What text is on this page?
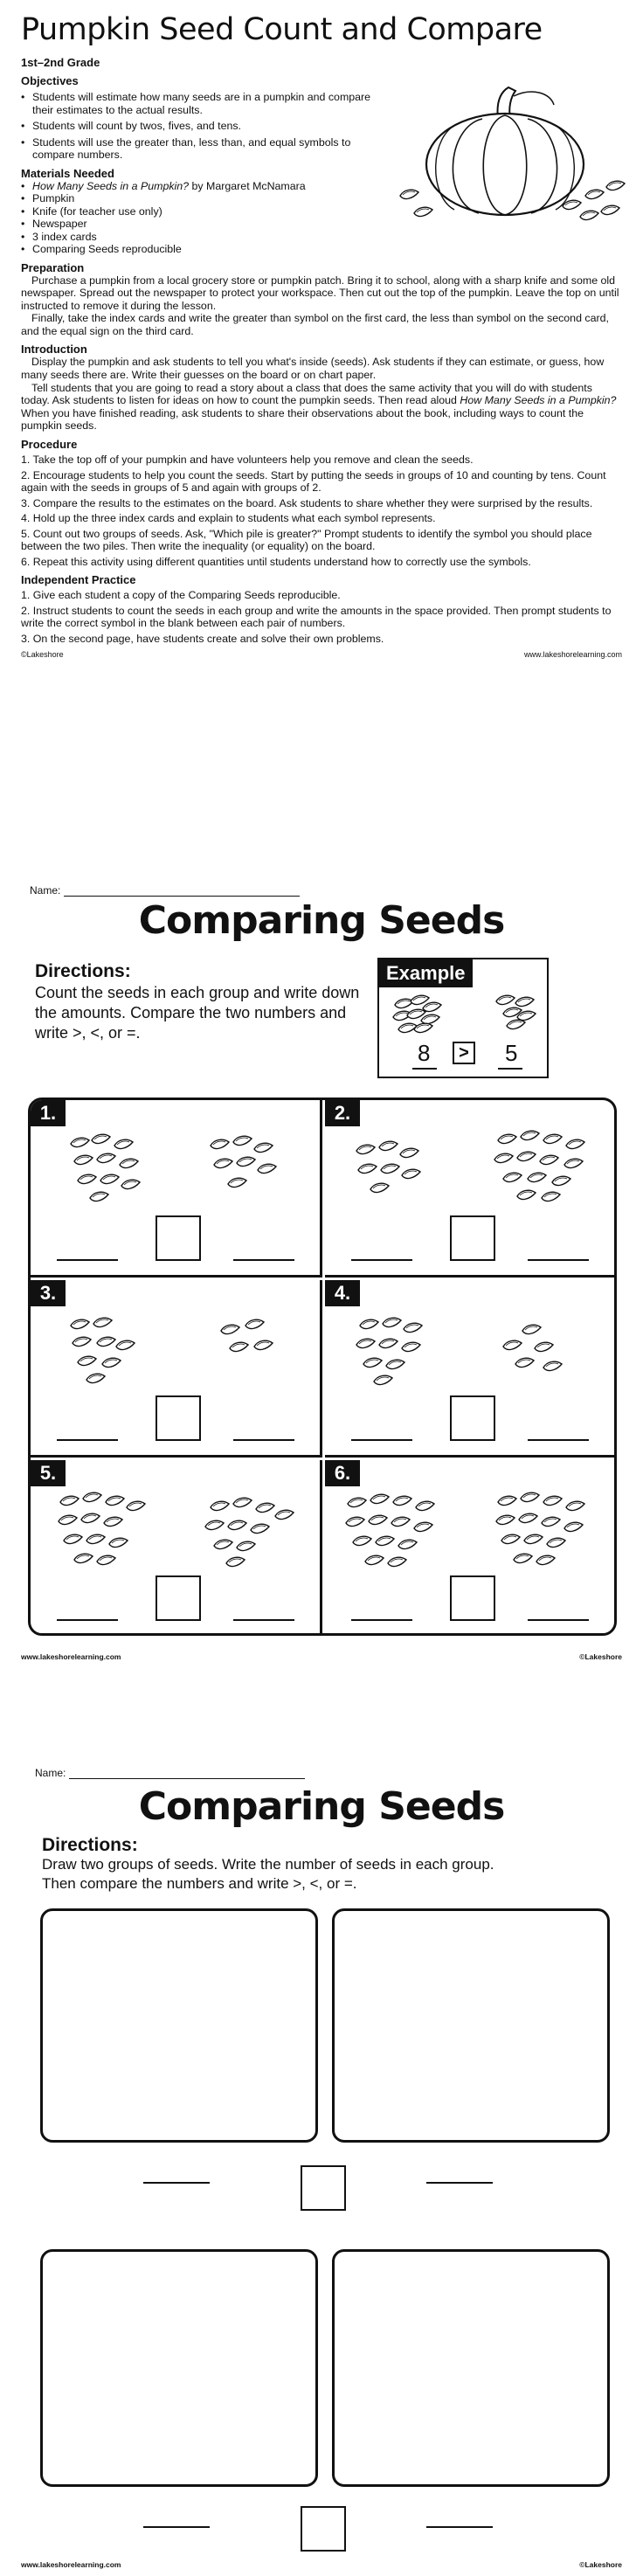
Pumpkin Seed Count and Compare
1st–2nd Grade
Objectives
• Students will estimate how many seeds are in a pumpkin and compare their estimates to the actual results.
• Students will count by twos, fives, and tens.
• Students will use the greater than, less than, and equal symbols to compare numbers.
Materials Needed
• How Many Seeds in a Pumpkin? by Margaret McNamara
• Pumpkin
• Knife (for teacher use only)
• Newspaper
• 3 index cards
• Comparing Seeds reproducible
Preparation

Purchase a pumpkin from a local grocery store or pumpkin patch. Bring it to school, along with a sharp knife and some old newspaper. Spread out the newspaper to protect your workspace. Then cut out the top of the pumpkin. Leave the top on until instructed to remove it during the lesson.

Finally, take the index cards and write the greater than symbol on the first card, the less than symbol on the second card, and the equal sign on the third card.

Introduction

Display the pumpkin and ask students to tell you what's inside (seeds). Ask students if they can estimate, or guess, how many seeds there are. Write their guesses on the board or on chart paper.

Tell students that you are going to read a story about a class that does the same activity that you will do with students today. Ask students to listen for ideas on how to count the pumpkin seeds. Then read aloud How Many Seeds in a Pumpkin? When you have finished reading, ask students to share their observations about the book, including ways to count the pumpkin seeds.

Procedure
1. Take the top off of your pumpkin and have volunteers help you remove and clean the seeds.
2. Encourage students to help you count the seeds. Start by putting the seeds in groups of 10 and counting by tens. Count again with the seeds in groups of 5 and again with groups of 2.
3. Compare the results to the estimates on the board. Ask students to share whether they were surprised by the results.
4. Hold up the three index cards and explain to students what each symbol represents.
5. Count out two groups of seeds. Ask, "Which pile is greater?" Prompt students to identify the symbol you should place between the two piles. Then write the inequality (or equality) on the board.
6. Repeat this activity using different quantities until students understand how to correctly use the symbols.
Independent Practice
1. Give each student a copy of the Comparing Seeds reproducible.
2. Instruct students to count the seeds in each group and write the amounts in the space provided. Then prompt students to write the correct symbol in the blank between each pair of numbers.
3. On the second page, have students create and solve their own problems.
©Lakeshore	www.lakeshorelearning.com
Name:
Comparing Seeds
Directions:
Count the seeds in each group and write down
the amounts. Compare the two numbers and
write >, <, or =.
Example
8	> 5
1.	2.
3.	4.
5.	6.
www.lakeshorelearning.com	©Lakeshore
Name:
Comparing Seeds
Directions:
Draw two groups of seeds. Write the number of seeds in each group.
Then compare the numbers and write >, <, or =.
www.lakeshorelearning.com	©Lakeshore
